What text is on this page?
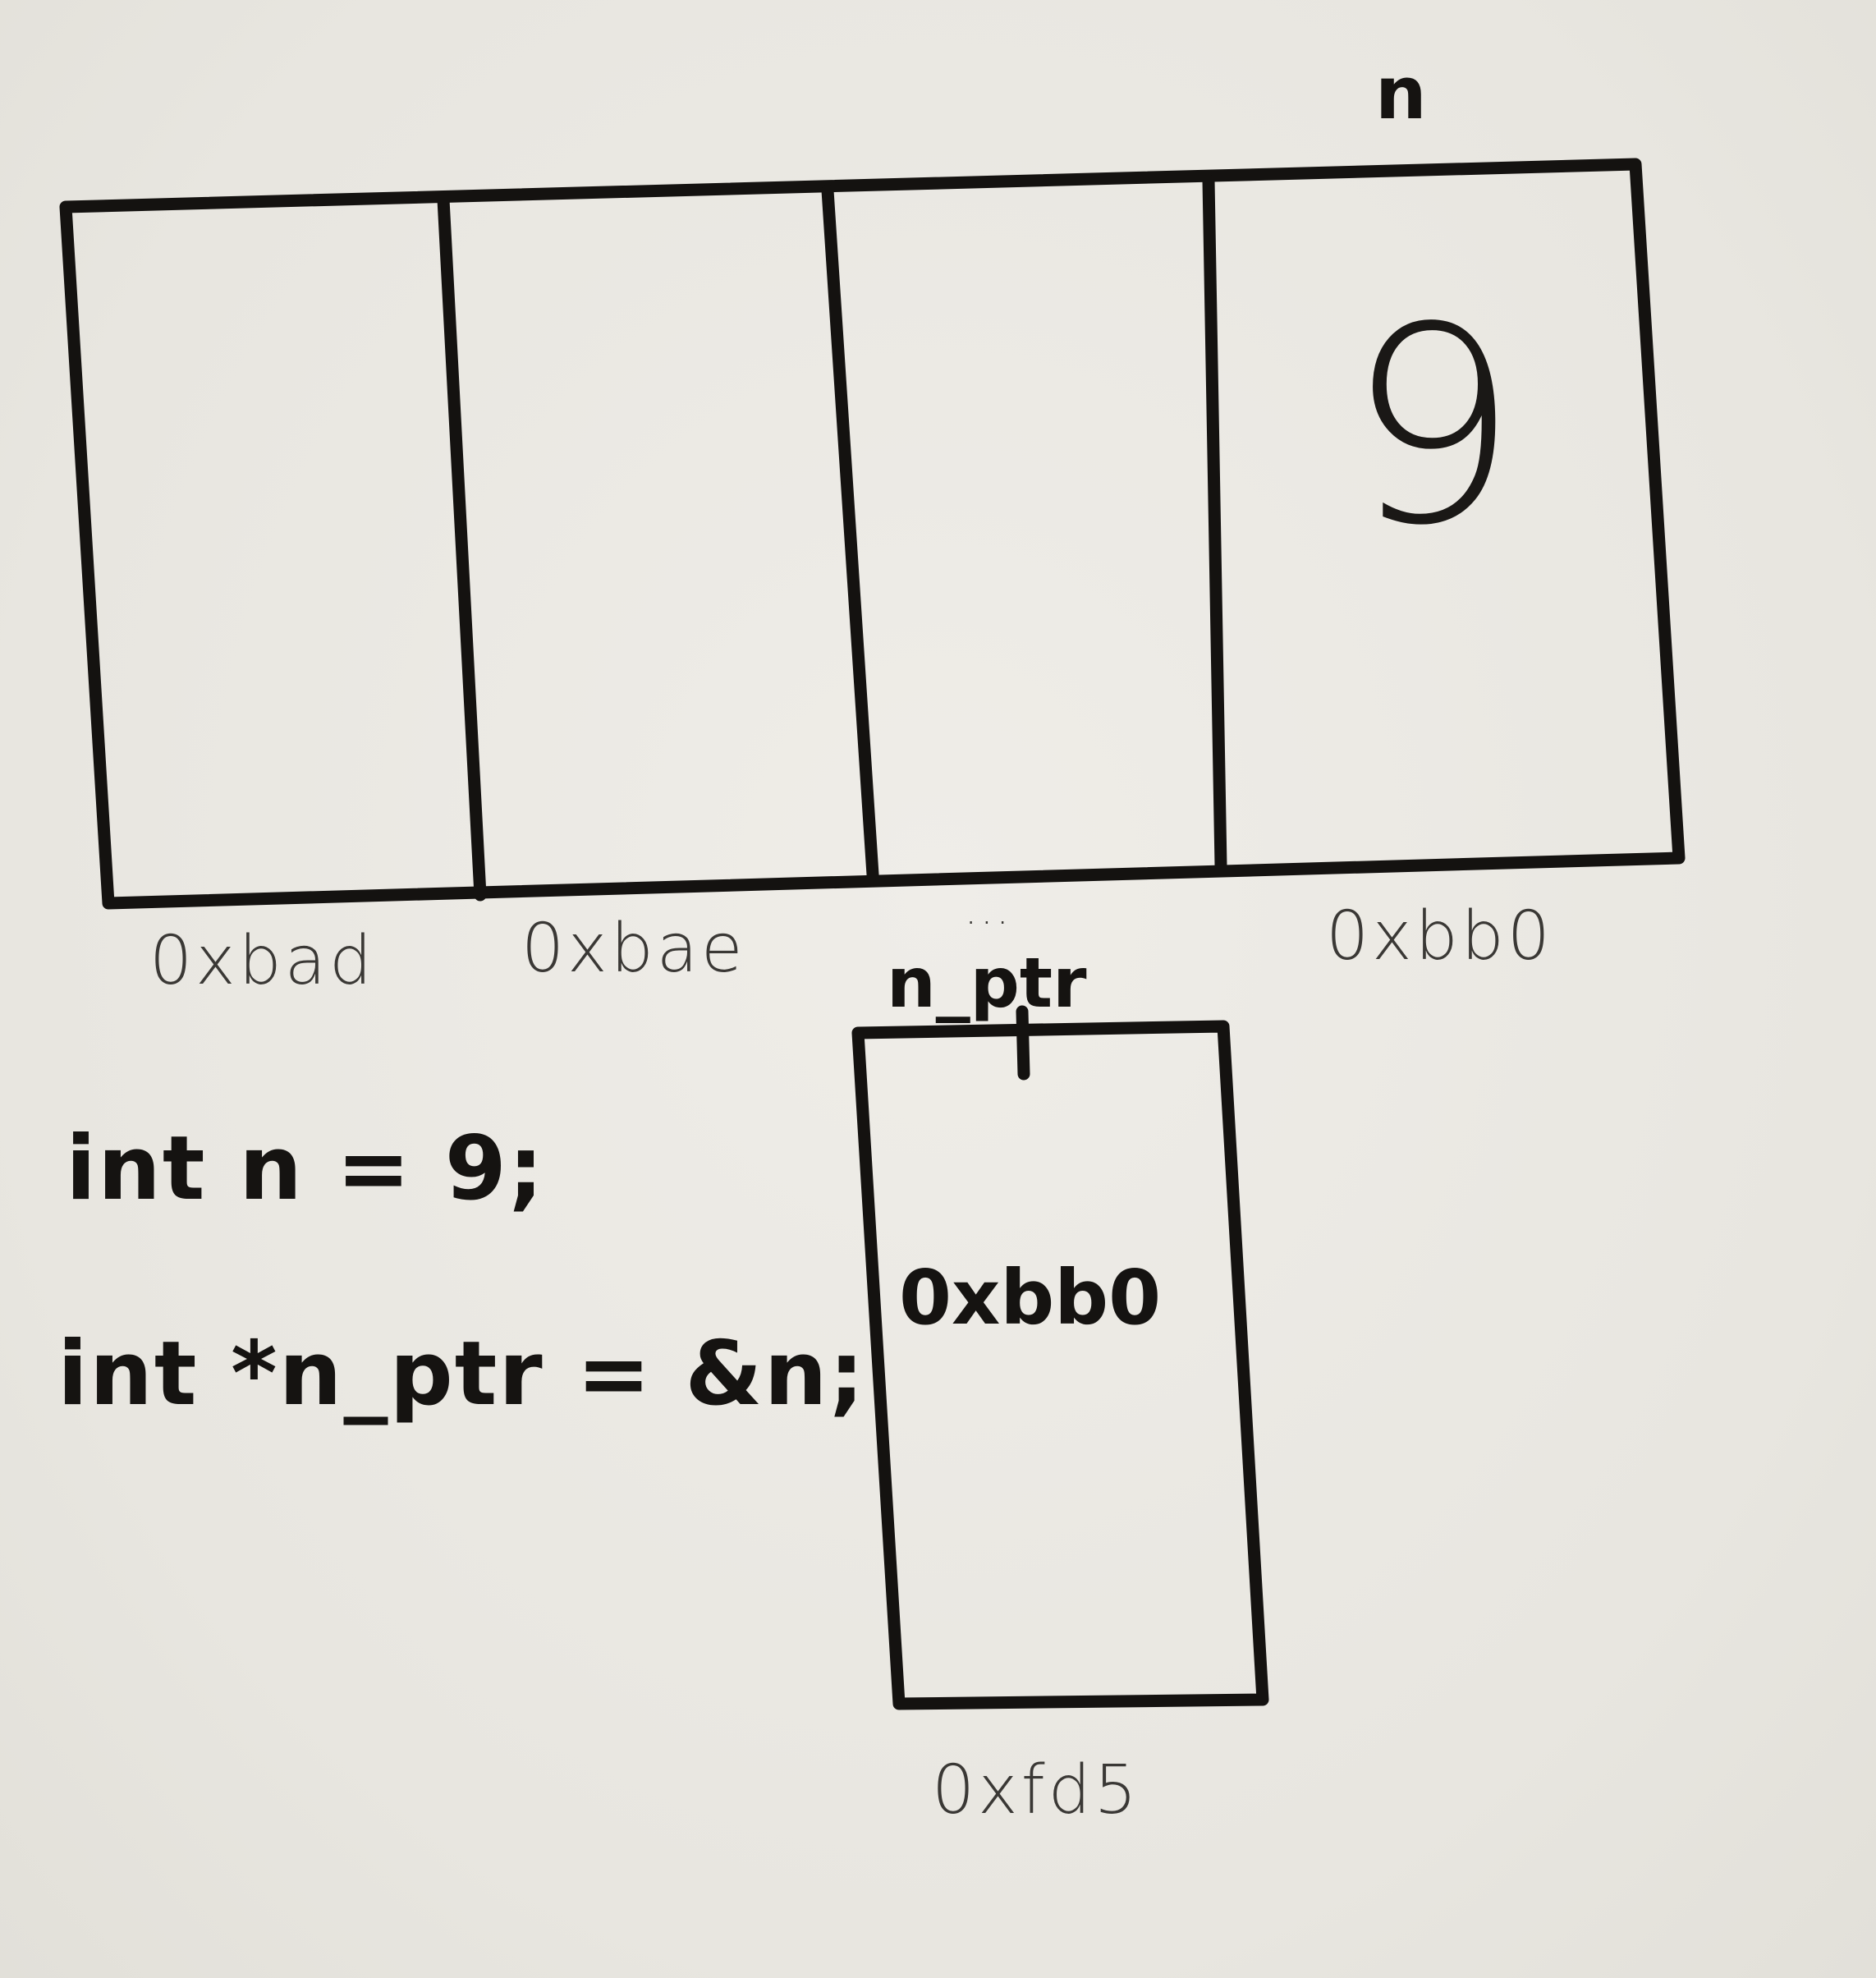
n
9
0xbad 0xbae	...	0xbb0
n_ptr
0xbb0
0xfd5
int n = 9;
int *n_ptr = &n;
